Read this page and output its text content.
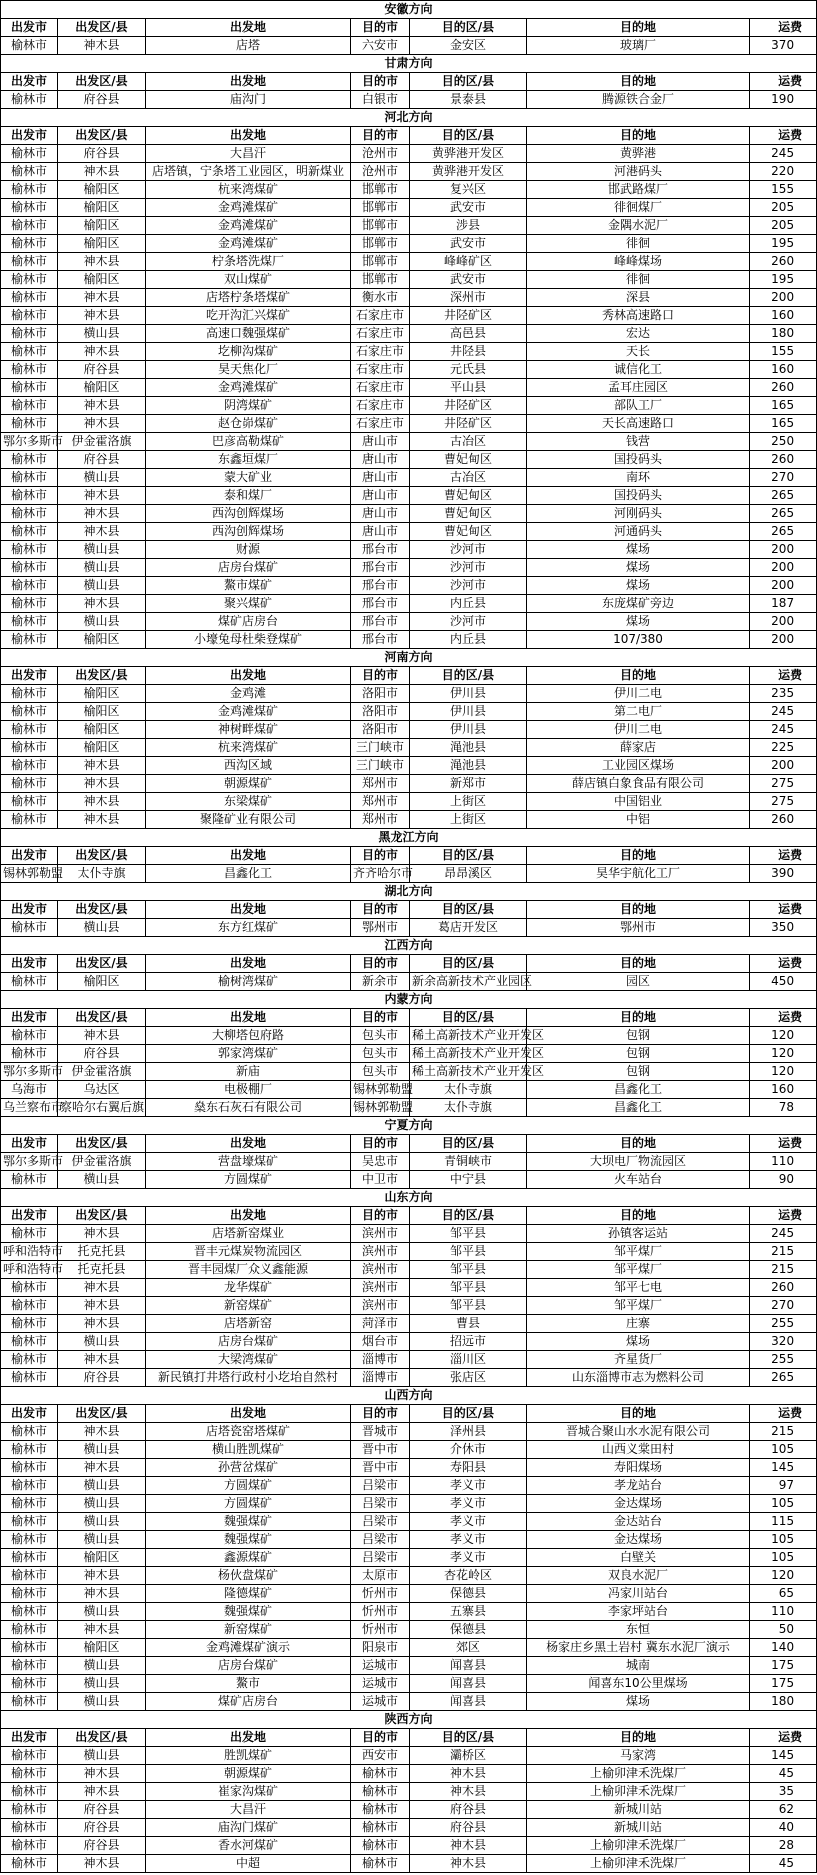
安徽方向						
出发市	出发区/县	出发地	目的市	目的区/县	目的地	运费
榆林市	神木县	店塔	六安市	金安区	玻璃厂	370
甘肃方向						
出发市	出发区/县	出发地	目的市	目的区/县	目的地	运费
榆林市	府谷县	庙沟门	白银市	景泰县	腾源铁合金厂	190
河北方向						
出发市	出发区/县	出发地	目的市	目的区/县	目的地	运费
榆林市	府谷县	大昌汗	沧州市	黄骅港开发区	黄骅港	245
榆林市	神木县	店塔镇，宁条塔工业园区，明新煤业	沧州市	黄骅港开发区	河港码头	220
榆林市	榆阳区	杭来湾煤矿	邯郸市	复兴区	邯武路煤厂	155
榆林市	榆阳区	金鸡滩煤矿	邯郸市	武安市	徘徊煤厂	205
榆林市	榆阳区	金鸡滩煤矿	邯郸市	涉县	金隅水泥厂	205
榆林市	榆阳区	金鸡滩煤矿	邯郸市	武安市	徘徊	195
榆林市	神木县	柠条塔洗煤厂	邯郸市	峰峰矿区	峰峰煤场	260
榆林市	榆阳区	双山煤矿	邯郸市	武安市	徘徊	195
榆林市	神木县	店塔柠条塔煤矿	衡水市	深州市	深县	200
榆林市	神木县	吃开沟汇兴煤矿	石家庄市	井陉矿区	秀林高速路口	160
榆林市	横山县	高速口魏强煤矿	石家庄市	高邑县	宏达	180
榆林市	神木县	圪柳沟煤矿	石家庄市	井陉县	天长	155
榆林市	府谷县	昊天焦化厂	石家庄市	元氏县	诚信化工	160
榆林市	榆阳区	金鸡滩煤矿	石家庄市	平山县	孟耳庄园区	260
榆林市	神木县	阴湾煤矿	石家庄市	井陉矿区	部队工厂	165
榆林市	神木县	赵仓峁煤矿	石家庄市	井陉矿区	天长高速路口	165
鄂尔多斯市	伊金霍洛旗	巴彦高勒煤矿	唐山市	古冶区	钱营	250
榆林市	府谷县	东鑫垣煤厂	唐山市	曹妃甸区	国投码头	260
榆林市	横山县	蒙大矿业	唐山市	古冶区	南环	270
榆林市	神木县	泰和煤厂	唐山市	曹妃甸区	国投码头	265
榆林市	神木县	西沟创辉煤场	唐山市	曹妃甸区	河刚码头	265
榆林市	神木县	西沟创辉煤场	唐山市	曹妃甸区	河通码头	265
榆林市	横山县	财源	邢台市	沙河市	煤场	200
榆林市	横山县	店房台煤矿	邢台市	沙河市	煤场	200
榆林市	横山县	鰲市煤矿	邢台市	沙河市	煤场	200
榆林市	神木县	聚兴煤矿	邢台市	内丘县	东庞煤矿旁边	187
榆林市	横山县	煤矿店房台	邢台市	沙河市	煤场	200
榆林市	榆阳区	小壕兔母杜柴登煤矿	邢台市	内丘县	107/380	200
河南方向						
出发市	出发区/县	出发地	目的市	目的区/县	目的地	运费
榆林市	榆阳区	金鸡滩	洛阳市	伊川县	伊川二电	235
榆林市	榆阳区	金鸡滩煤矿	洛阳市	伊川县	第二电厂	245
榆林市	榆阳区	神树畔煤矿	洛阳市	伊川县	伊川二电	245
榆林市	榆阳区	杭来湾煤矿	三门峡市	渑池县	薛家店	225
榆林市	神木县	西沟区域	三门峡市	渑池县	工业园区煤场	200
榆林市	神木县	朝源煤矿	郑州市	新郑市	薛店镇白象食品有限公司	275
榆林市	神木县	东梁煤矿	郑州市	上街区	中国铝业	275
榆林市	神木县	聚隆矿业有限公司	郑州市	上街区	中铝	260
黑龙江方向						
出发市	出发区/县	出发地	目的市	目的区/县	目的地	运费
锡林郭勒盟	太仆寺旗	昌鑫化工	齐齐哈尔市	昂昂溪区	昊华宇航化工厂	390
湖北方向						
出发市	出发区/县	出发地	目的市	目的区/县	目的地	运费
榆林市	横山县	东方红煤矿	鄂州市	葛店开发区	鄂州市	350
江西方向						
出发市	出发区/县	出发地	目的市	目的区/县	目的地	运费
榆林市	榆阳区	榆树湾煤矿	新余市	新余高新技术产业园区	园区	450
内蒙方向						
出发市	出发区/县	出发地	目的市	目的区/县	目的地	运费
榆林市	神木县	大柳塔包府路	包头市	稀土高新技术产业开发区	包钢	120
榆林市	府谷县	郭家湾煤矿	包头市	稀土高新技术产业开发区	包钢	120
鄂尔多斯市	伊金霍洛旗	新庙	包头市	稀土高新技术产业开发区	包钢	120
乌海市	乌达区	电极棚厂	锡林郭勒盟	太仆寺旗	昌鑫化工	160
乌兰察布市	察哈尔右翼后旗	燊东石灰石有限公司	锡林郭勒盟	太仆寺旗	昌鑫化工	78
宁夏方向						
出发市	出发区/县	出发地	目的市	目的区/县	目的地	运费
鄂尔多斯市	伊金霍洛旗	营盘壕煤矿	吴忠市	青铜峡市	大坝电厂物流园区	110
榆林市	横山县	方圆煤矿	中卫市	中宁县	火车站台	90
山东方向						
出发市	出发区/县	出发地	目的市	目的区/县	目的地	运费
榆林市	神木县	店塔新窑煤业	滨州市	邹平县	孙镇客运站	245
呼和浩特市	托克托县	晋丰元煤炭物流园区	滨州市	邹平县	邹平煤厂	215
呼和浩特市	托克托县	晋丰园煤厂众义鑫能源	滨州市	邹平县	邹平煤厂	215
榆林市	神木县	龙华煤矿	滨州市	邹平县	邹平七电	260
榆林市	神木县	新窑煤矿	滨州市	邹平县	邹平煤厂	270
榆林市	神木县	店塔新窑	菏泽市	曹县	庄寨	255
榆林市	横山县	店房台煤矿	烟台市	招远市	煤场	320
榆林市	神木县	大梁湾煤矿	淄博市	淄川区	齐星货厂	255
榆林市	府谷县	新民镇打井塔行政村小圪坮自然村	淄博市	张店区	山东淄博市志为燃料公司	265
山西方向						
出发市	出发区/县	出发地	目的市	目的区/县	目的地	运费
榆林市	神木县	店塔瓷窑塔煤矿	晋城市	泽州县	晋城合聚山水水泥有限公司	215
榆林市	横山县	横山胜凯煤矿	晋中市	介休市	山西义棠田村	105
榆林市	神木县	孙营岔煤矿	晋中市	寿阳县	寿阳煤场	145
榆林市	横山县	方圆煤矿	吕梁市	孝义市	孝龙站台	97
榆林市	横山县	方圆煤矿	吕梁市	孝义市	金达煤场	105
榆林市	横山县	魏强煤矿	吕梁市	孝义市	金达站台	115
榆林市	横山县	魏强煤矿	吕梁市	孝义市	金达煤场	105
榆林市	榆阳区	鑫源煤矿	吕梁市	孝义市	白壁关	105
榆林市	神木县	杨伙盘煤矿	太原市	杏花岭区	双良水泥厂	120
榆林市	神木县	隆德煤矿	忻州市	保德县	冯家川站台	65
榆林市	横山县	魏强煤矿	忻州市	五寨县	李家坪站台	110
榆林市	神木县	新窑煤矿	忻州市	保德县	东恒	50
榆林市	榆阳区	金鸡滩煤矿演示	阳泉市	郊区	杨家庄乡黑土岩村 冀东水泥厂演示	140
榆林市	横山县	店房台煤矿	运城市	闻喜县	城南	175
榆林市	横山县	鰲市	运城市	闻喜县	闻喜东10公里煤场	175
榆林市	横山县	煤矿店房台	运城市	闻喜县	煤场	180
陕西方向						
出发市	出发区/县	出发地	目的市	目的区/县	目的地	运费
榆林市	横山县	胜凯煤矿	西安市	灞桥区	马家湾	145
榆林市	神木县	朝源煤矿	榆林市	神木县	上榆卯津禾洗煤厂	45
榆林市	神木县	崔家沟煤矿	榆林市	神木县	上榆卯津禾洗煤厂	35
榆林市	府谷县	大昌汗	榆林市	府谷县	新城川站	62
榆林市	府谷县	庙沟门煤矿	榆林市	府谷县	新城川站	40
榆林市	府谷县	香水河煤矿	榆林市	神木县	上榆卯津禾洗煤厂	28
榆林市	神木县	中超	榆林市	神木县	上榆卯津禾洗煤厂	45
